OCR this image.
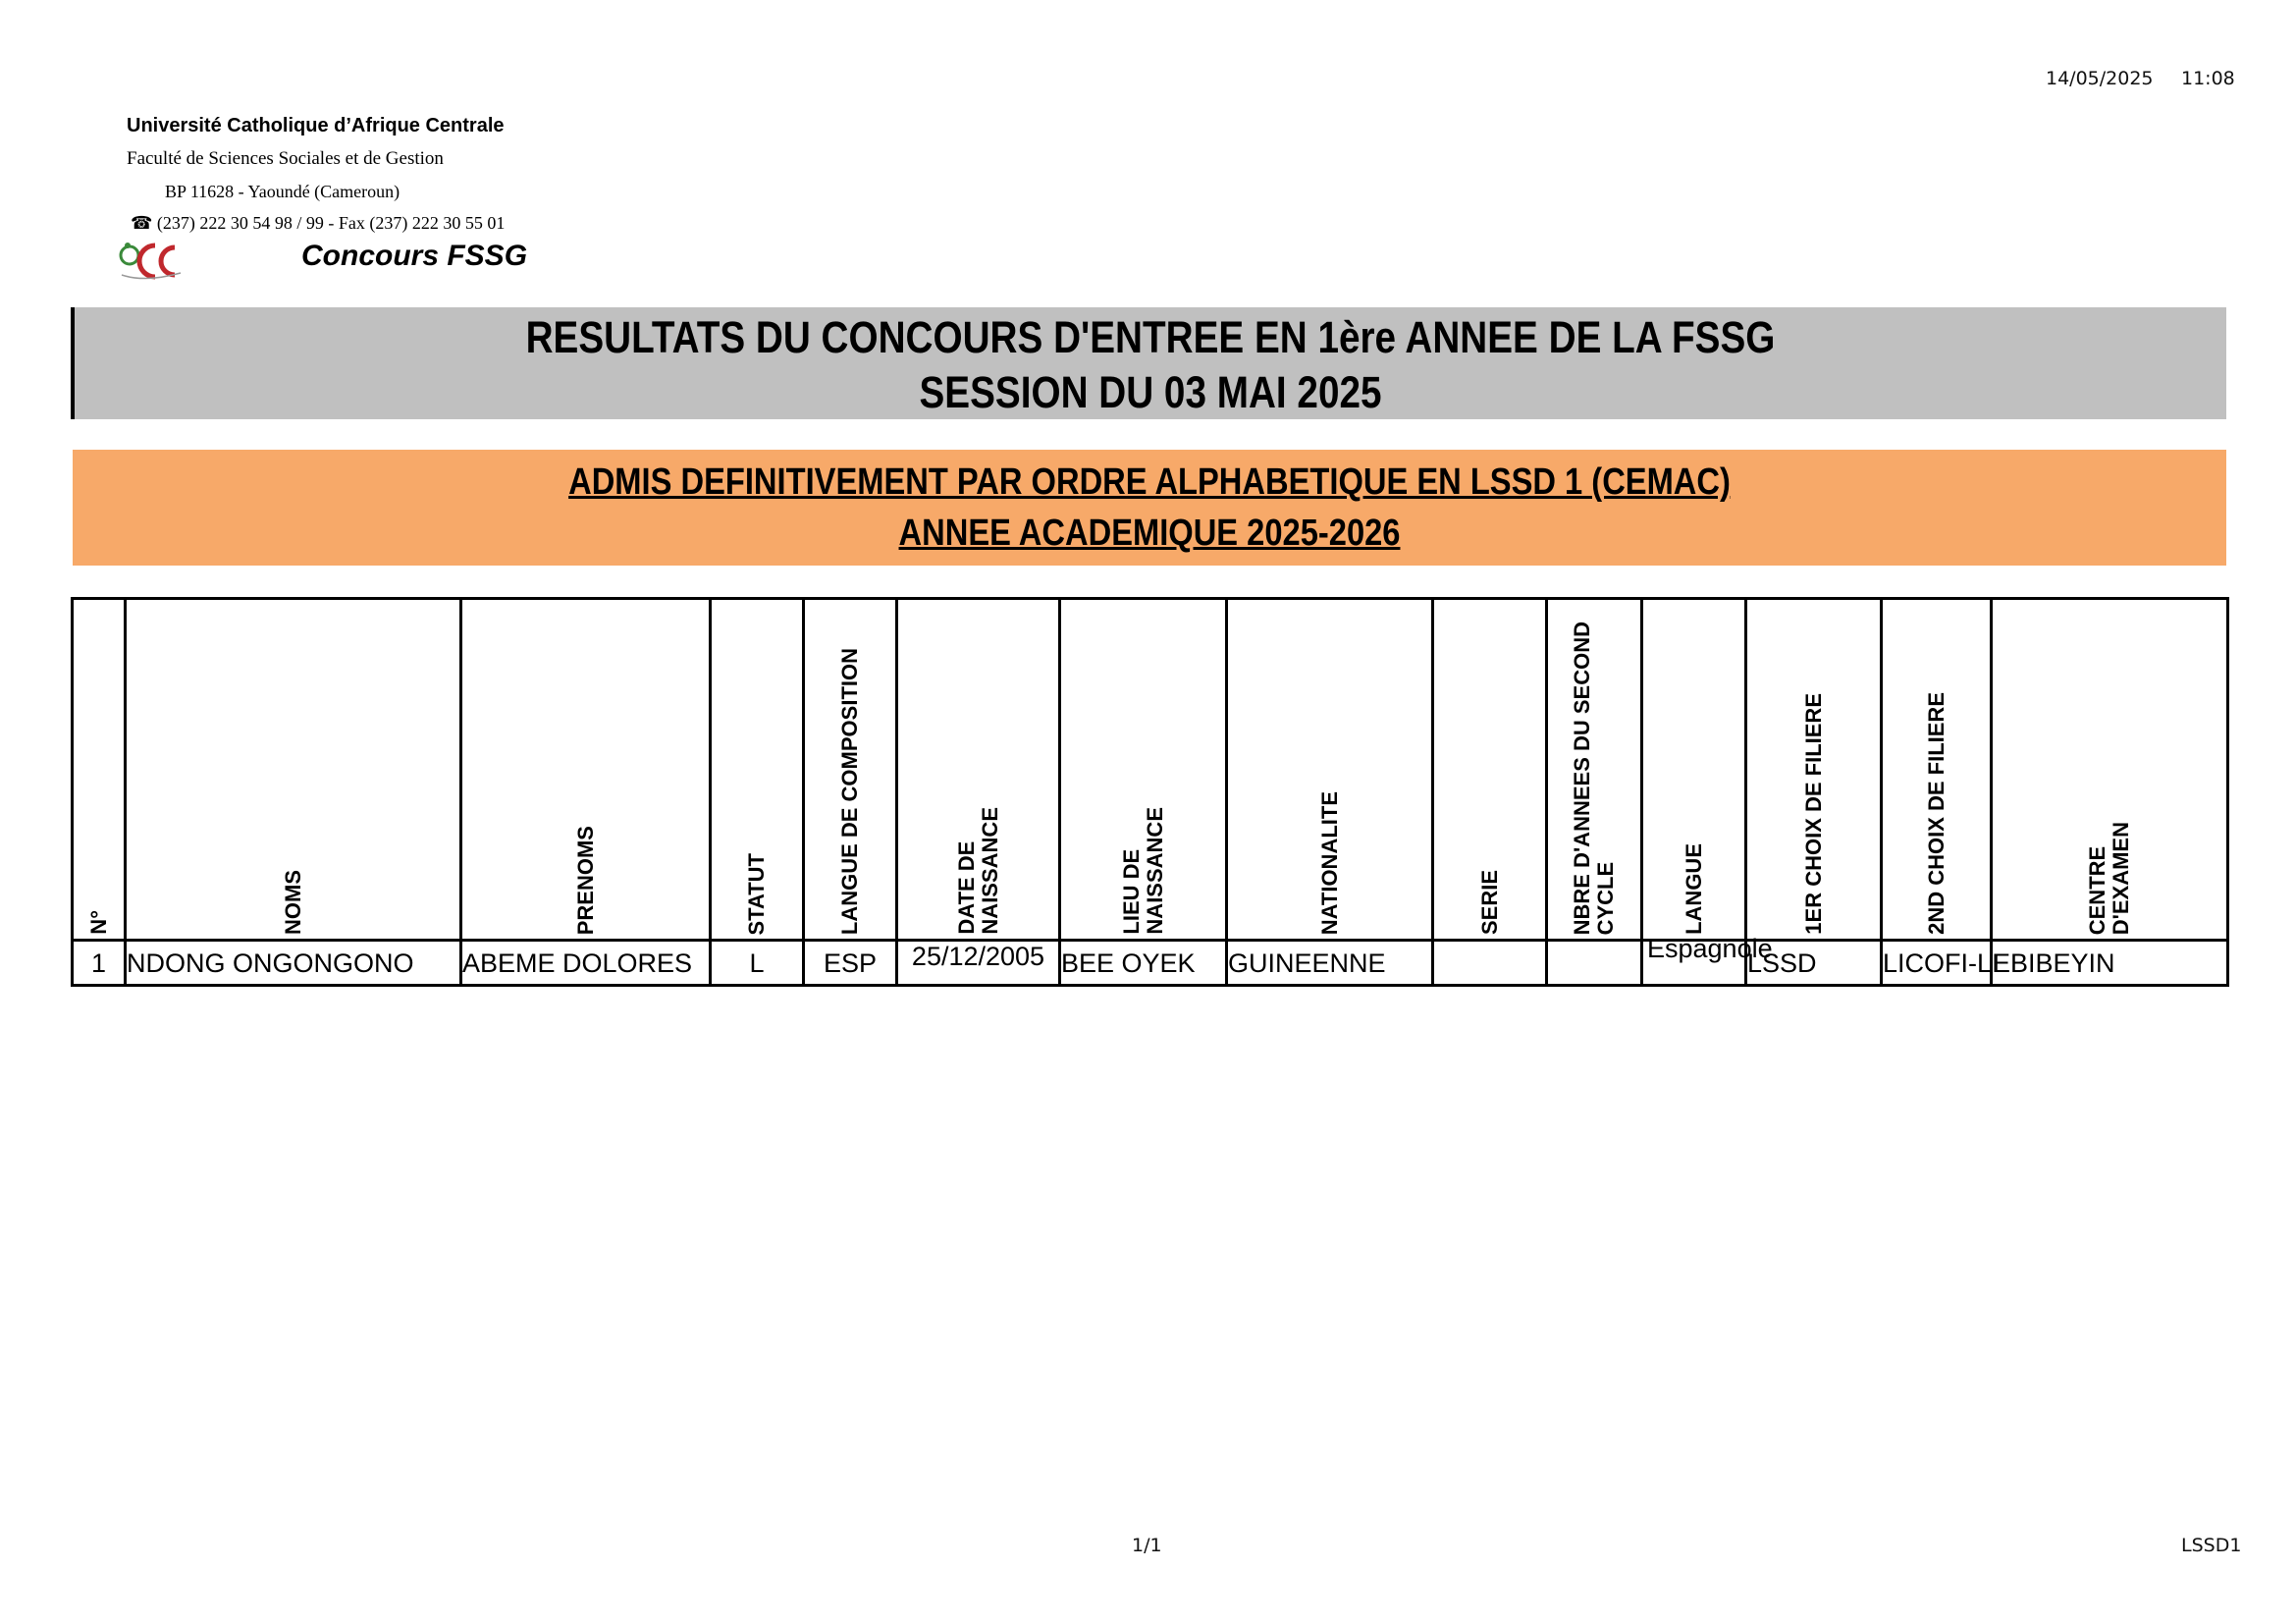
14/05/2025 11:08
Université Catholique d’Afrique Centrale
Faculté de Sciences Sociales et de Gestion
BP 11628 - Yaoundé (Cameroun)
☎ (237) 222 30 54 98 / 99 - Fax (237) 222 30 55 01
Concours FSSG
RESULTATS DU CONCOURS D'ENTREE EN 1ère ANNEE DE LA FSSG
SESSION DU 03 MAI 2025
ADMIS DEFINITIVEMENT PAR ORDRE ALPHABETIQUE EN LSSD 1 (CEMAC)
ANNEE ACADEMIQUE 2025-2026
N°	NOMS	PRENOMS	STATUT	LANGUE DE COMPOSITION	DATE DE
NAISSANCE	LIEU DE
NAISSANCE	NATIONALITE	SERIE	NBRE D'ANNEES DU SECOND
CYCLE	LANGUE	1ER CHOIX DE FILIERE	2ND CHOIX DE FILIERE	CENTRE
D'EXAMEN

1	NDONG ONGONGONO	ABEME DOLORES	L	ESP	25/12/2005	BEE OYEK	GUINEENNE			Espagnole	LSSD	LICOFI-LI	EBIBEYIN
1/1	LSSD1
